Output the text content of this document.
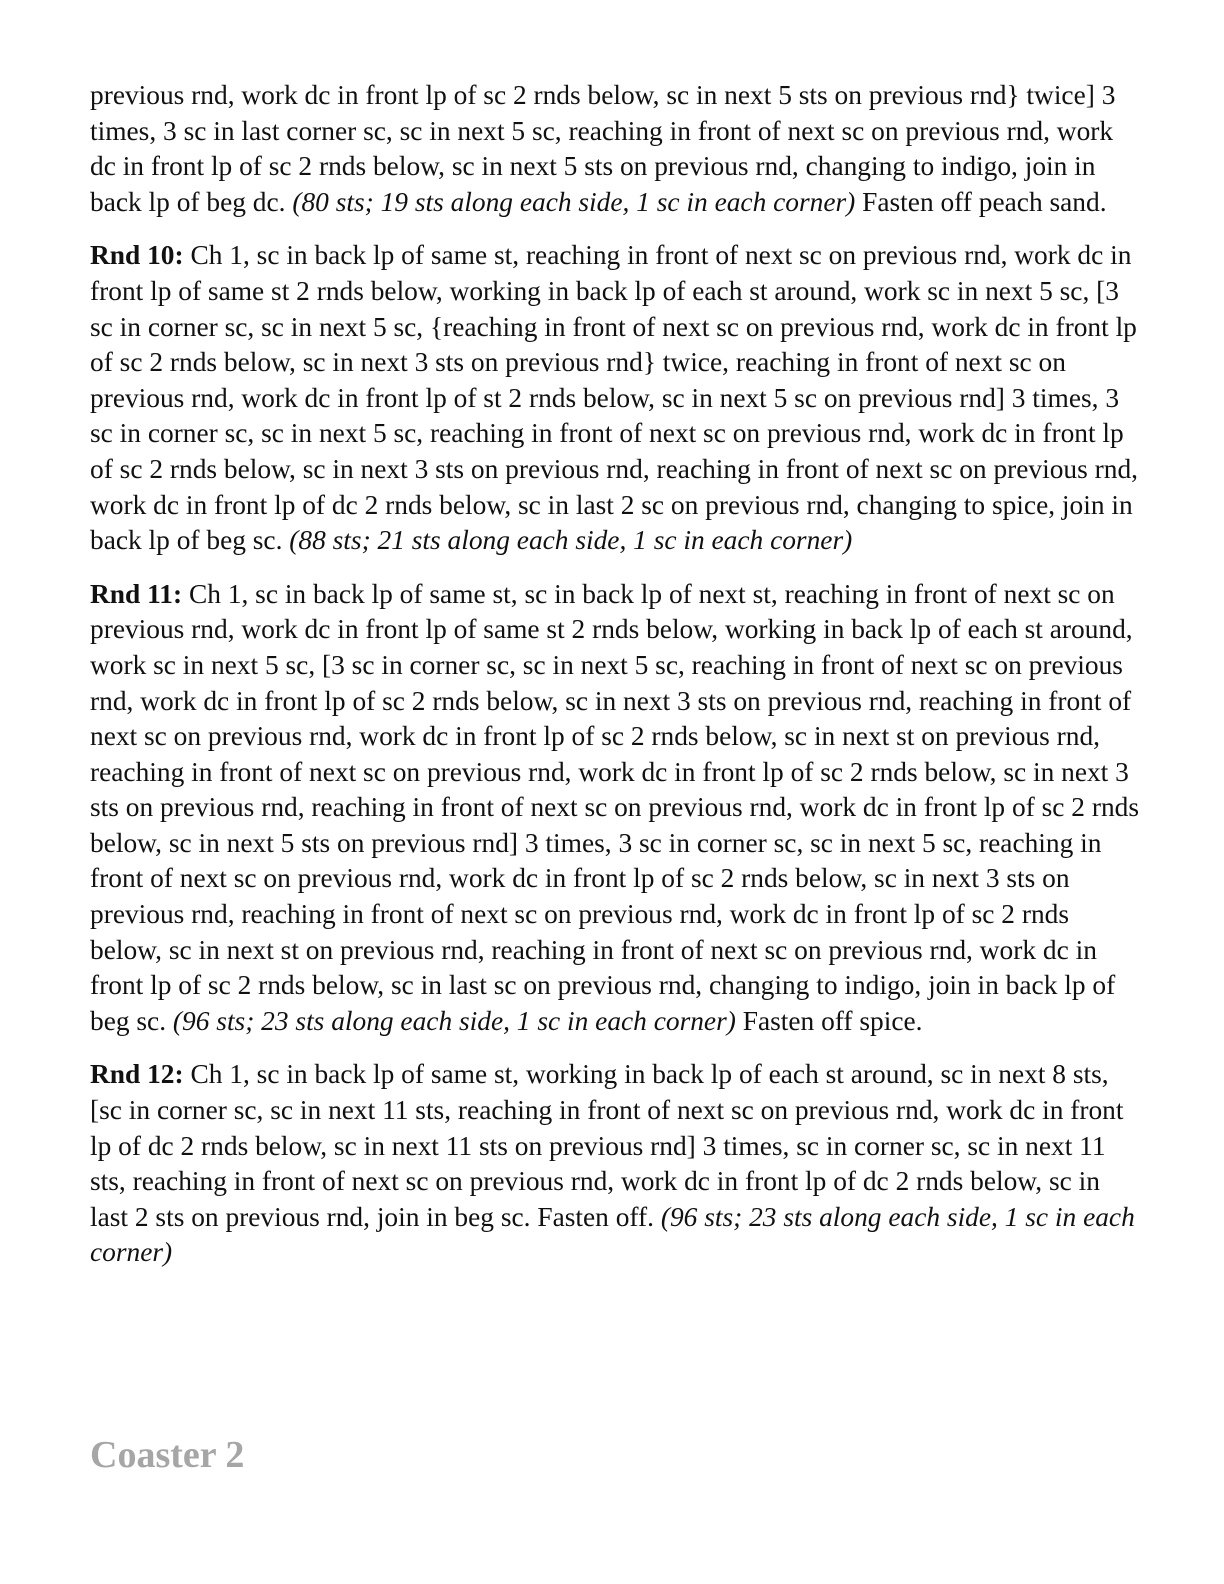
previous rnd, work dc in front lp of sc 2 rnds below, sc in next 5 sts on previous rnd} twice] 3 times, 3 sc in last corner sc, sc in next 5 sc, reaching in front of next sc on previous rnd, work dc in front lp of sc 2 rnds below, sc in next 5 sts on previous rnd, changing to indigo, join in back lp of beg dc. (80 sts; 19 sts along each side, 1 sc in each corner) Fasten off peach sand.

Rnd 10: Ch 1, sc in back lp of same st, reaching in front of next sc on previous rnd, work dc in front lp of same st 2 rnds below, working in back lp of each st around, work sc in next 5 sc, [3 sc in corner sc, sc in next 5 sc, {reaching in front of next sc on previous rnd, work dc in front lp of sc 2 rnds below, sc in next 3 sts on previous rnd} twice, reaching in front of next sc on previous rnd, work dc in front lp of st 2 rnds below, sc in next 5 sc on previous rnd] 3 times, 3 sc in corner sc, sc in next 5 sc, reaching in front of next sc on previous rnd, work dc in front lp of sc 2 rnds below, sc in next 3 sts on previous rnd, reaching in front of next sc on previous rnd, work dc in front lp of dc 2 rnds below, sc in last 2 sc on previous rnd, changing to spice, join in back lp of beg sc. (88 sts; 21 sts along each side, 1 sc in each corner)

Rnd 11: Ch 1, sc in back lp of same st, sc in back lp of next st, reaching in front of next sc on previous rnd, work dc in front lp of same st 2 rnds below, working in back lp of each st around, work sc in next 5 sc, [3 sc in corner sc, sc in next 5 sc, reaching in front of next sc on previous rnd, work dc in front lp of sc 2 rnds below, sc in next 3 sts on previous rnd, reaching in front of next sc on previous rnd, work dc in front lp of sc 2 rnds below, sc in next st on previous rnd, reaching in front of next sc on previous rnd, work dc in front lp of sc 2 rnds below, sc in next 3 sts on previous rnd, reaching in front of next sc on previous rnd, work dc in front lp of sc 2 rnds below, sc in next 5 sts on previous rnd] 3 times, 3 sc in corner sc, sc in next 5 sc, reaching in front of next sc on previous rnd, work dc in front lp of sc 2 rnds below, sc in next 3 sts on previous rnd, reaching in front of next sc on previous rnd, work dc in front lp of sc 2 rnds below, sc in next st on previous rnd, reaching in front of next sc on previous rnd, work dc in front lp of sc 2 rnds below, sc in last sc on previous rnd, changing to indigo, join in back lp of beg sc. (96 sts; 23 sts along each side, 1 sc in each corner) Fasten off spice.

Rnd 12: Ch 1, sc in back lp of same st, working in back lp of each st around, sc in next 8 sts, [sc in corner sc, sc in next 11 sts, reaching in front of next sc on previous rnd, work dc in front lp of dc 2 rnds below, sc in next 11 sts on previous rnd] 3 times, sc in corner sc, sc in next 11 sts, reaching in front of next sc on previous rnd, work dc in front lp of dc 2 rnds below, sc in last 2 sts on previous rnd, join in beg sc. Fasten off. (96 sts; 23 sts along each side, 1 sc in each corner)

Coaster 2
